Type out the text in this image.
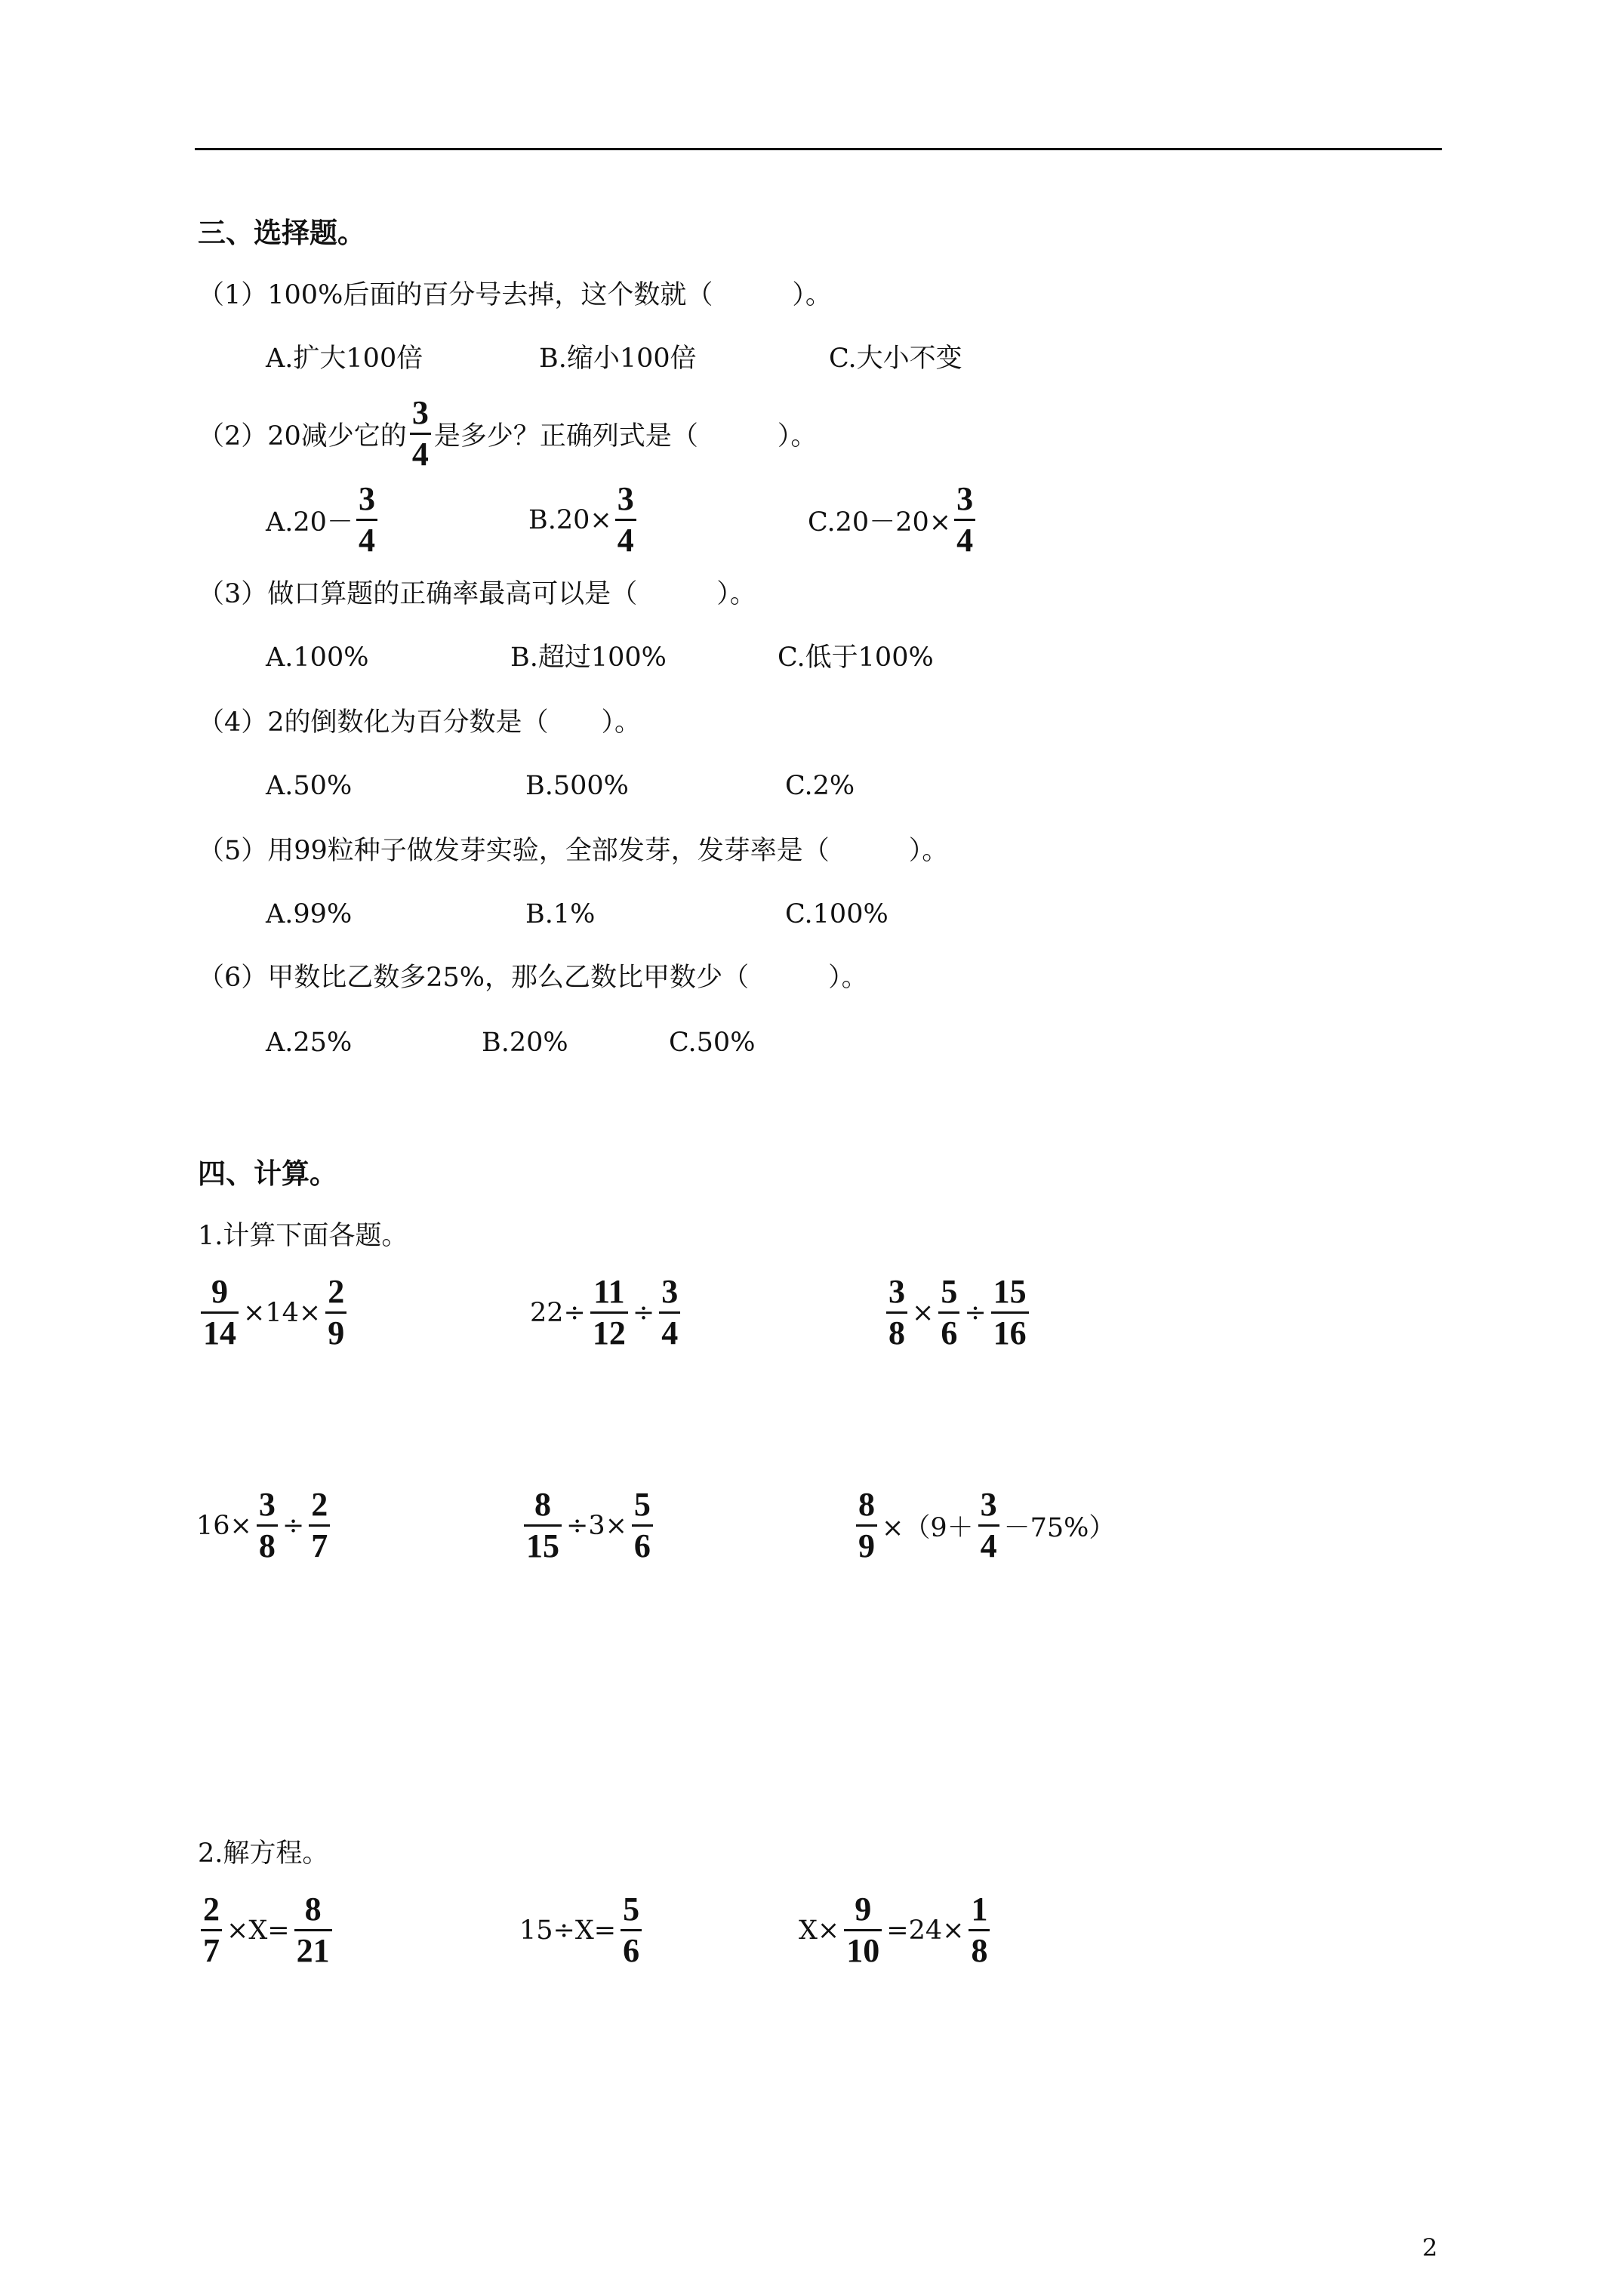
三、选择题。
（1）100%后面的百分号去掉，这个数就（　　　）。
A.扩大100倍	B.缩小100倍	C.大小不变
（2）20减少它的 $\frac{3}{4}$ 是多少？正确列式是（　　　）。
$A.20- \frac{3}{4}$	$B.20\times \frac{3}{4}$	$C.20-20\times \frac{3}{4}$
（3）做口算题的正确率最高可以是（　　　）。
A.100%	B.超过100%	C.低于100%
（4）2的倒数化为百分数是（　　）。
A.50%	B.500%	C.2%
（5）用99粒种子做发芽实验，全部发芽，发芽率是（　　　）。
A.99%	B.1%	C.100%
（6）甲数比乙数多25%，那么乙数比甲数少（　　　）。
A.25%	B.20%	C.50%
四、计算。
1.计算下面各题。
$\frac{9}{14} \times 14\times \frac{2}{9}$	$22\div \frac{11}{12} \div \frac{3}{4}$	$\frac{3}{8} \times \frac{5}{6} \div \frac{15}{16}$
$16\times \frac{3}{8} \div \frac{2}{7}$	$\frac{8}{15} \div 3\times \frac{5}{6}$	$\frac{8}{9} \times(9+ \frac{3}{4} -75\%)$
2.解方程。
$\frac{2}{7} \times X= \frac{8}{21}$	$15\div X= \frac{5}{6}$	$X\times \frac{9}{10} =24\times \frac{1}{8}$
2
